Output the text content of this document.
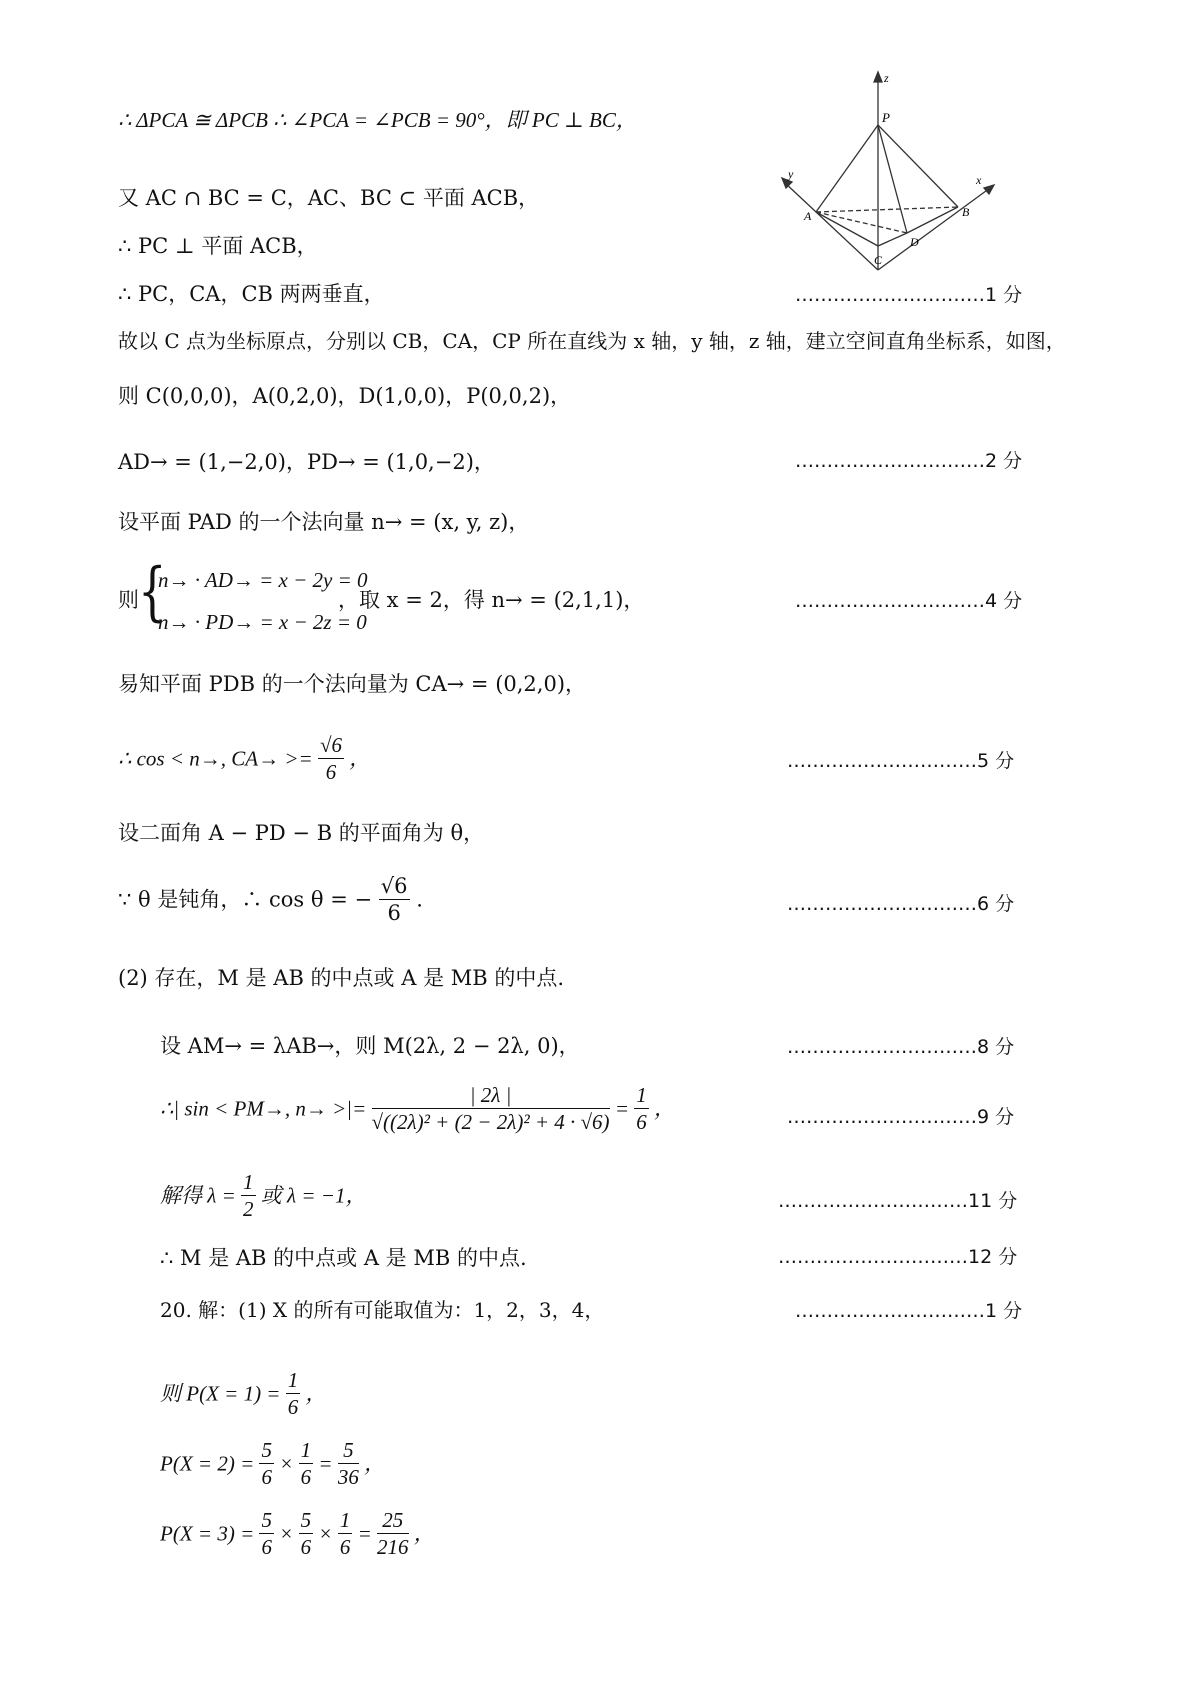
z
P
y	x
A	B
C
D
∴ ΔPCA ≅ ΔPCB ∴ ∠PCA = ∠PCB = 90°，即 PC ⊥ BC，
又 AC ∩ BC = C，AC、BC ⊂ 平面 ACB，
∴ PC ⊥ 平面 ACB，
∴ PC，CA，CB 两两垂直，	…………………………1 分
故以 C 点为坐标原点，分别以 CB，CA，CP 所在直线为 x 轴，y 轴，z 轴，建立空间直角坐标系，如图，
则 C(0,0,0)，A(0,2,0)，D(1,0,0)，P(0,0,2)，
AD→ = (1,−2,0)，PD→ = (1,0,−2)，	…………………………2 分
设平面 PAD 的一个法向量 n→ = (x, y, z)，
则 {
n→ · AD→ = x − 2y = 0
n→ · PD→ = x − 2z = 0
，取 x = 2，得 n→ = (2,1,1)，	…………………………4 分
易知平面 PDB 的一个法向量为 CA→ = (0,2,0)，
∴ cos < n→, $CA\to >= \frac{√6}{6}$ ，	…………………………5 分
设二面角 A − PD − B 的平面角为 θ，
∵ θ 是钝角，∴ cos θ = − $\frac{√6}{6}$ .	…………………………6 分
(2) 存在，M 是 AB 的中点或 A 是 MB 的中点.
设 AM→ = λAB→，则 M(2λ, 2 − 2λ, 0)，	…………………………8 分
∴| sin < PM→, n→ >|= $\frac{| 2\lambda |}{\text{√((2λ)² + (2 − 2λ)² + 4 · √6)}} = \frac{1}{6}$ ，	…………………………9 分
解得 $\lambda = \frac{1}{2}$ 或 λ = −1，	…………………………11 分
∴ M 是 AB 的中点或 A 是 MB 的中点.	…………………………12 分
20. 解：(1) X 的所有可能取值为：1，2，3，4，	…………………………1 分
则 $P(X = 1) = \frac{1}{6}$ ，
$P(X = 2) = \frac{5}{6} \times \frac{1}{6} = \frac{5}{36}$ ，
$P(X = 3) = \frac{5}{6} \times \frac{5}{6} \times \frac{1}{6} = \frac{25}{216}$ ，
